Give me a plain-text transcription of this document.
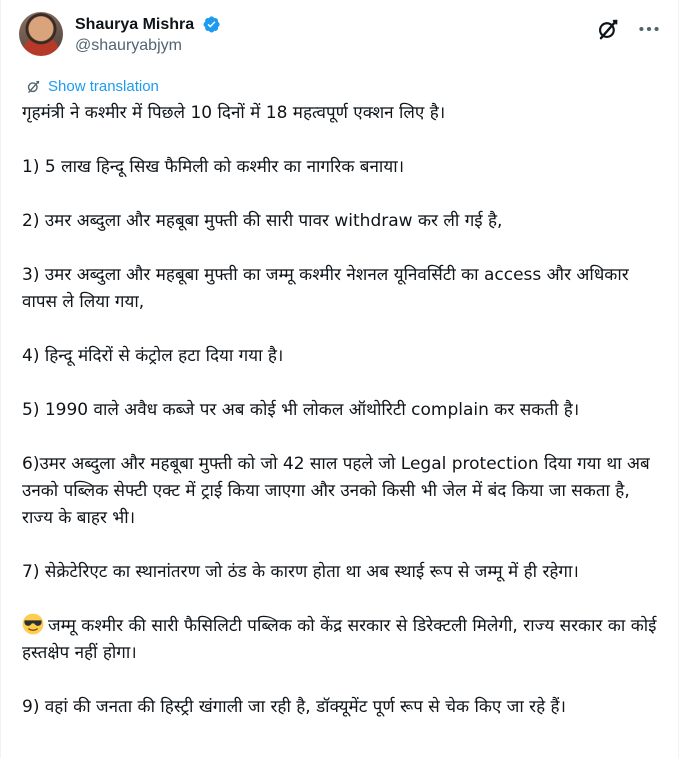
Shaurya Mishra
@shauryabjym

Show translation

गृहमंत्री ने कश्मीर में पिछले 10 दिनों में 18 महत्वपूर्ण एक्शन लिए है।

1) 5 लाख हिन्दू सिख फैमिली को कश्मीर का नागरिक बनाया।

2) उमर अब्दुला और महबूबा मुफ्ती की सारी पावर withdraw कर ली गई है,

3) उमर अब्दुला और महबूबा मुफ्ती का जम्मू कश्मीर नेशनल यूनिवर्सिटी का access और अधिकार वापस ले लिया गया,

4) हिन्दू मंदिरों से कंट्रोल हटा दिया गया है।

5) 1990 वाले अवैध कब्जे पर अब कोई भी लोकल ऑथोरिटी complain कर सकती है।

6)उमर अब्दुला और महबूबा मुफ्ती को जो 42 साल पहले जो Legal protection दिया गया था अब उनको पब्लिक सेफ्टी एक्ट में ट्राई किया जाएगा और उनको किसी भी जेल में बंद किया जा सकता है, राज्य के बाहर भी।

7) सेक्रेटेरिएट का स्थानांतरण जो ठंड के कारण होता था अब स्थाई रूप से जम्मू में ही रहेगा।

जम्मू कश्मीर की सारी फैसिलिटी पब्लिक को केंद्र सरकार से डिरेक्टली मिलेगी, राज्य सरकार का कोई हस्तक्षेप नहीं होगा।

9) वहां की जनता की हिस्ट्री खंगाली जा रही है, डॉक्यूमेंट पूर्ण रूप से चेक किए जा रहे हैं।
